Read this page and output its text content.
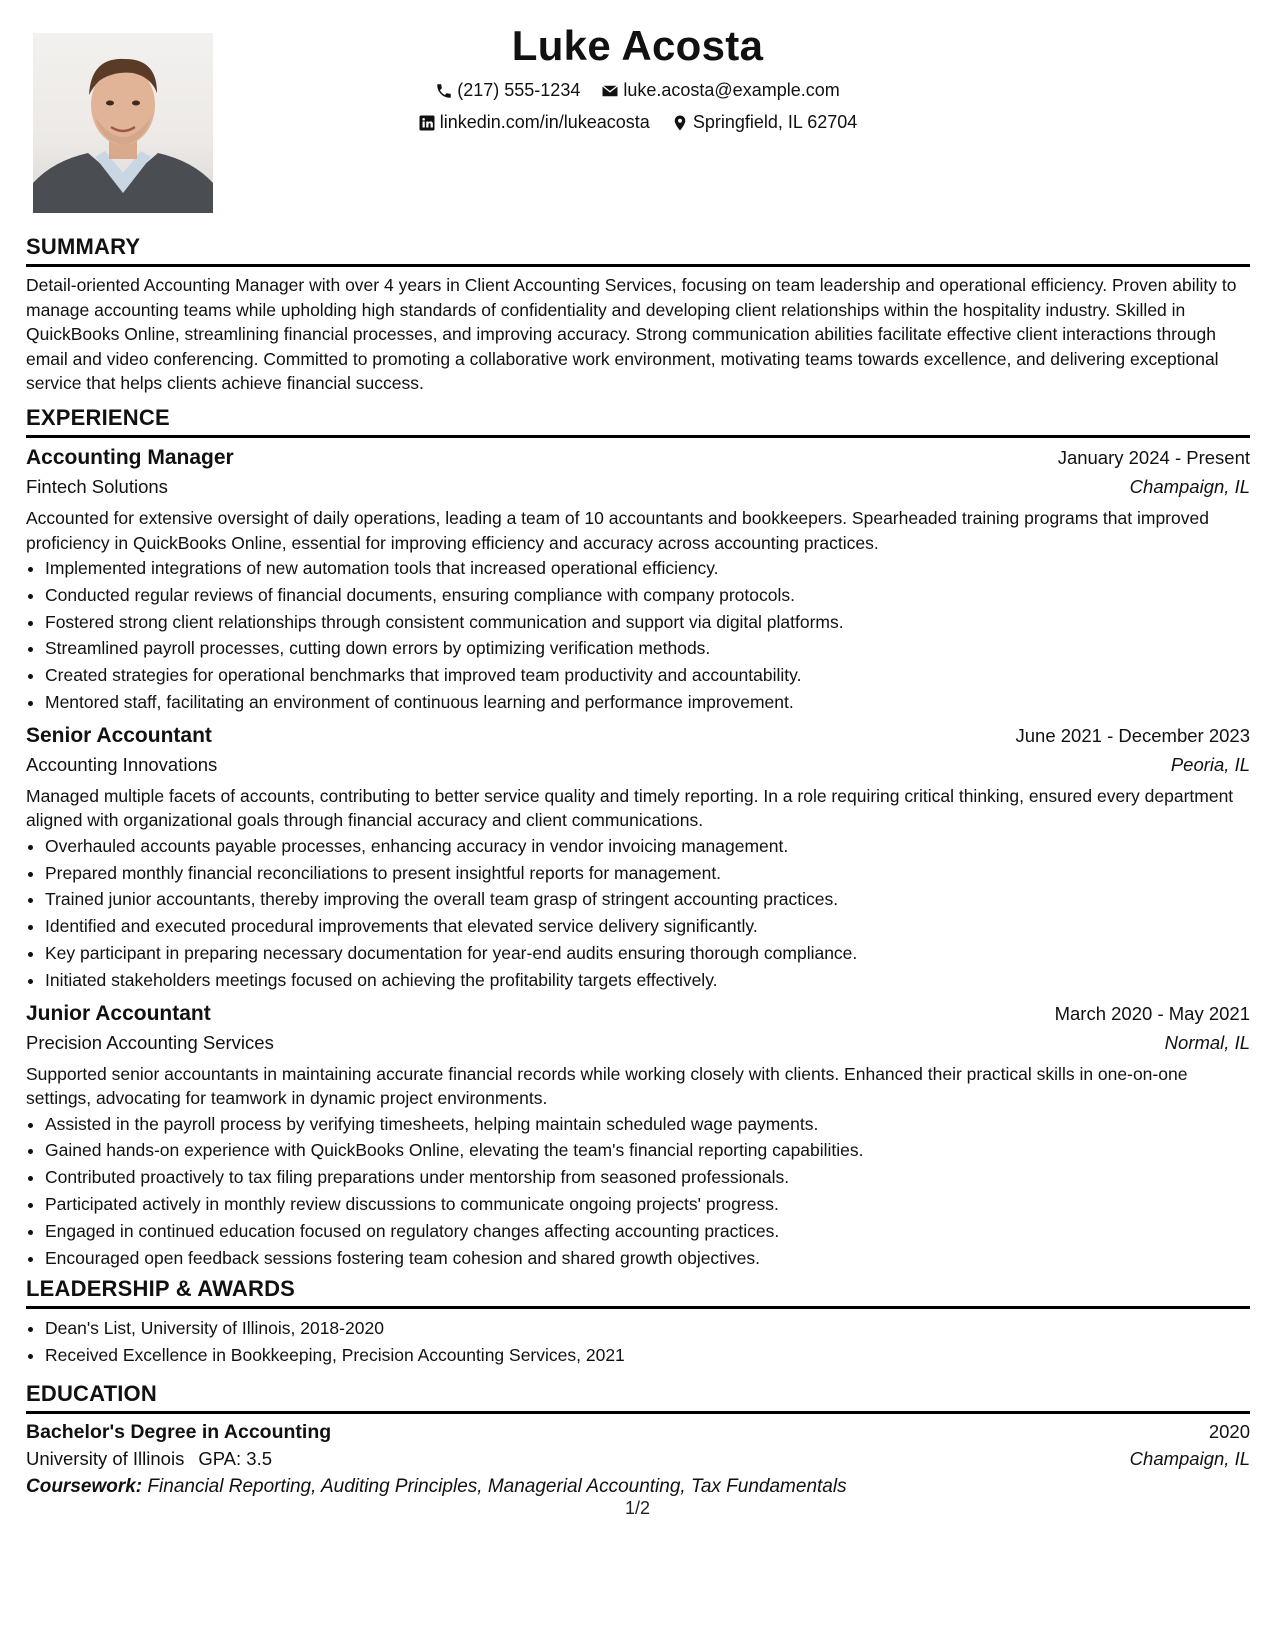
Luke Acosta
(217) 555-1234
luke.acosta@example.com
linkedin.com/in/lukeacosta
Springfield, IL 62704
SUMMARY

Detail-oriented Accounting Manager with over 4 years in Client Accounting Services, focusing on team leadership and operational efficiency. Proven ability to manage accounting teams while upholding high standards of confidentiality and developing client relationships within the hospitality industry. Skilled in QuickBooks Online, streamlining financial processes, and improving accuracy. Strong communication abilities facilitate effective client interactions through email and video conferencing. Committed to promoting a collaborative work environment, motivating teams towards excellence, and delivering exceptional service that helps clients achieve financial success.

EXPERIENCE
Accounting Manager	January 2024 - Present
Fintech Solutions	Champaign, IL

Accounted for extensive oversight of daily operations, leading a team of 10 accountants and bookkeepers. Spearheaded training programs that improved proficiency in QuickBooks Online, essential for improving efficiency and accuracy across accounting practices.

• Implemented integrations of new automation tools that increased operational efficiency.
• Conducted regular reviews of financial documents, ensuring compliance with company protocols.
• Fostered strong client relationships through consistent communication and support via digital platforms.
• Streamlined payroll processes, cutting down errors by optimizing verification methods.
• Created strategies for operational benchmarks that improved team productivity and accountability.
• Mentored staff, facilitating an environment of continuous learning and performance improvement.
Senior Accountant	June 2021 - December 2023
Accounting Innovations	Peoria, IL

Managed multiple facets of accounts, contributing to better service quality and timely reporting. In a role requiring critical thinking, ensured every department aligned with organizational goals through financial accuracy and client communications.

• Overhauled accounts payable processes, enhancing accuracy in vendor invoicing management.
• Prepared monthly financial reconciliations to present insightful reports for management.
• Trained junior accountants, thereby improving the overall team grasp of stringent accounting practices.
• Identified and executed procedural improvements that elevated service delivery significantly.
• Key participant in preparing necessary documentation for year-end audits ensuring thorough compliance.
• Initiated stakeholders meetings focused on achieving the profitability targets effectively.
Junior Accountant	March 2020 - May 2021
Precision Accounting Services	Normal, IL

Supported senior accountants in maintaining accurate financial records while working closely with clients. Enhanced their practical skills in one-on-one settings, advocating for teamwork in dynamic project environments.

• Assisted in the payroll process by verifying timesheets, helping maintain scheduled wage payments.
• Gained hands-on experience with QuickBooks Online, elevating the team's financial reporting capabilities.
• Contributed proactively to tax filing preparations under mentorship from seasoned professionals.
• Participated actively in monthly review discussions to communicate ongoing projects' progress.
• Engaged in continued education focused on regulatory changes affecting accounting practices.
• Encouraged open feedback sessions fostering team cohesion and shared growth objectives.
LEADERSHIP & AWARDS
• Dean's List, University of Illinois, 2018-2020
• Received Excellence in Bookkeeping, Precision Accounting Services, 2021
EDUCATION
Bachelor's Degree in Accounting	2020
University of Illinois GPA: 3.5	Champaign, IL
Coursework: Financial Reporting, Auditing Principles, Managerial Accounting, Tax Fundamentals
1/2
